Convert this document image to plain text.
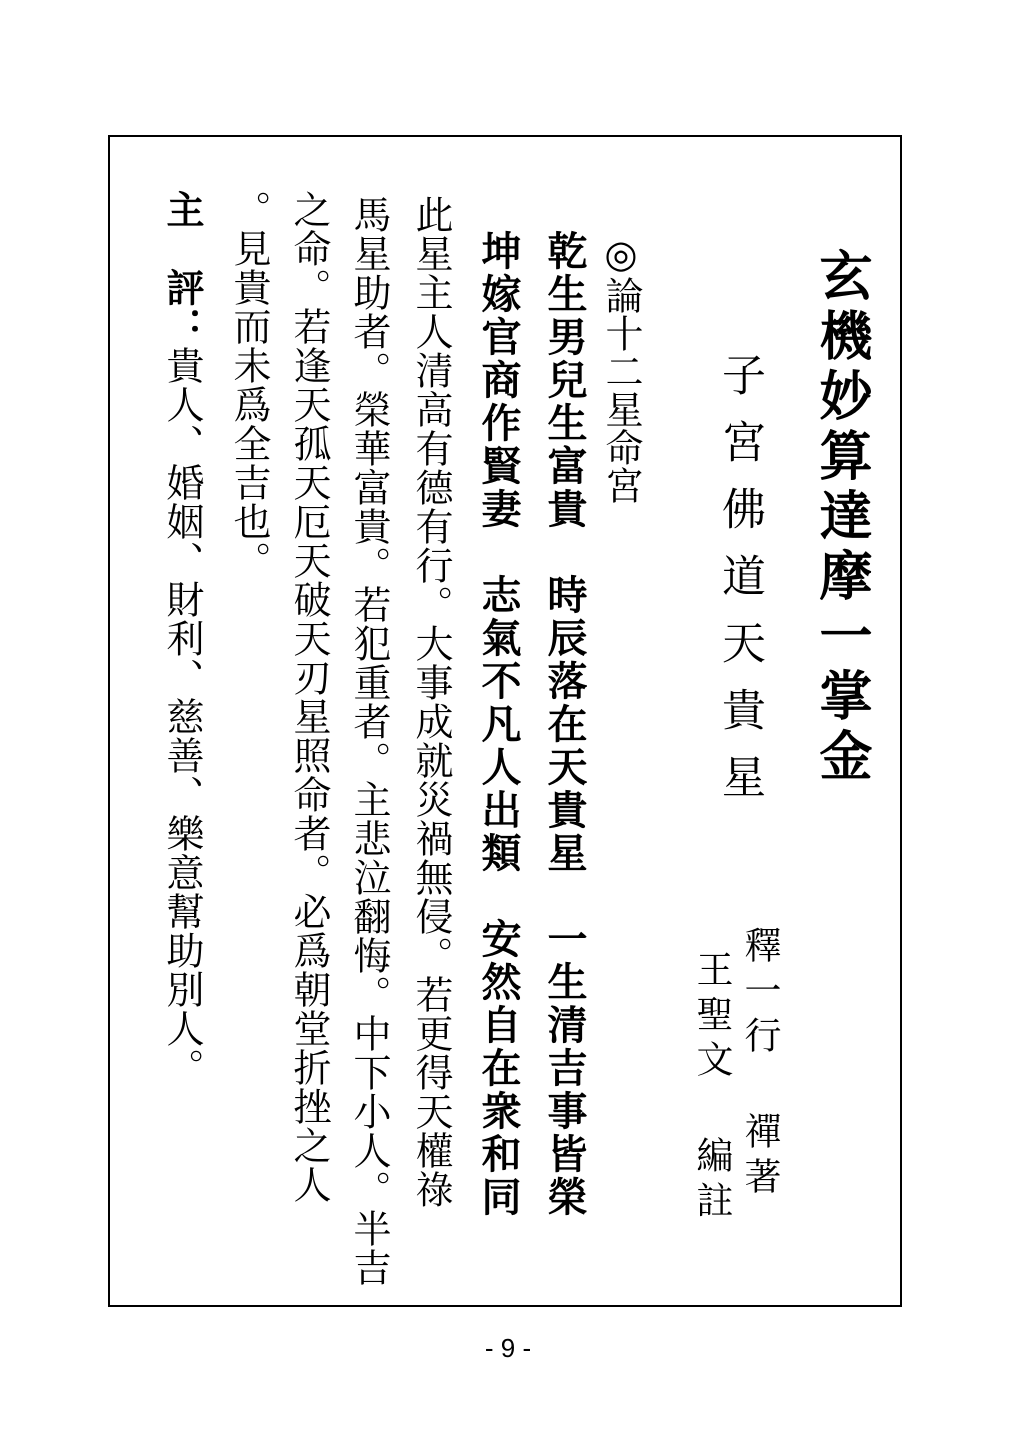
玄機妙算達摩一掌金
子宮佛道天貴星
釋一行 禪著
王聖文 編註
◎論十二星命宮
乾生男兒生富貴　時辰落在天貴星　一生清吉事皆榮
坤嫁官商作賢妻　志氣不凡人出類　安然自在衆和同
此星主人清高有德有行。大事成就災禍無侵。若更得天權祿
馬星助者。榮華富貴。若犯重者。主悲泣翻悔。中下小人。半吉
之命。若逢天孤天厄天破天刃星照命者。必爲朝堂折挫之人
。見貴而未爲全吉也。
主　評：貴人、婚姻、財利、慈善、樂意幫助別人。
- 9 -
